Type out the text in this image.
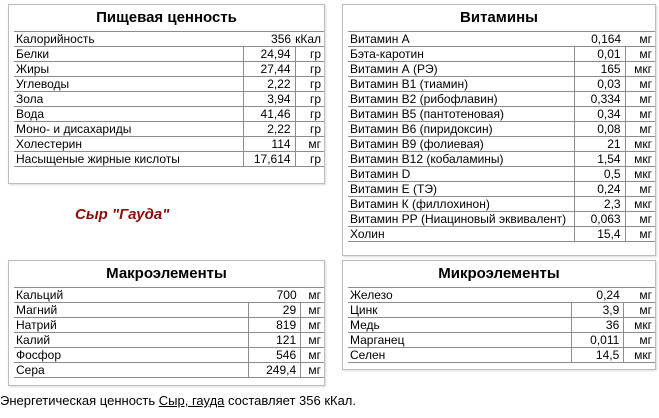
Пищевая ценность
Калорийность	356	кКал
Белки	24,94	гр
Жиры	27,44	гр
Углеводы	2,22	гр
Зола	3,94	гр
Вода	41,46	гр
Моно- и дисахариды	2,22	гр
Холестерин	114	мг
Насыщеные жирные кислоты	17,614	гр
Витамины
Витамин А	0,164	мг
Бэта-каротин	0,01	мг
Витамин А (РЭ)	165	мкг
Витамин В1 (тиамин)	0,03	мг
Витамин В2 (рибофлавин)	0,334	мг
Витамин В5 (пантотеновая)	0,34	мг
Витамин В6 (пиридоксин)	0,08	мг
Витамин В9 (фолиевая)	21	мкг
Витамин В12 (кобаламины)	1,54	мкг
Витамин D	0,5	мкг
Витамин Е (ТЭ)	0,24	мг
Витамин К (филлохинон)	2,3	мкг
Витамин РР (Ниациновый эквивалент)	0,063	мг
Холин	15,4	мг
Сыр "Гауда"
Макроэлементы
Кальций	700	мг
Магний	29	мг
Натрий	819	мг
Калий	121	мг
Фосфор	546	мг
Сера	249,4	мг
Микроэлементы
Железо	0,24	мг
Цинк	3,9	мг
Медь	36	мкг
Марганец	0,011	мг
Селен	14,5	мкг
Энергетическая ценность Сыр, гауда составляет 356 кКал.
